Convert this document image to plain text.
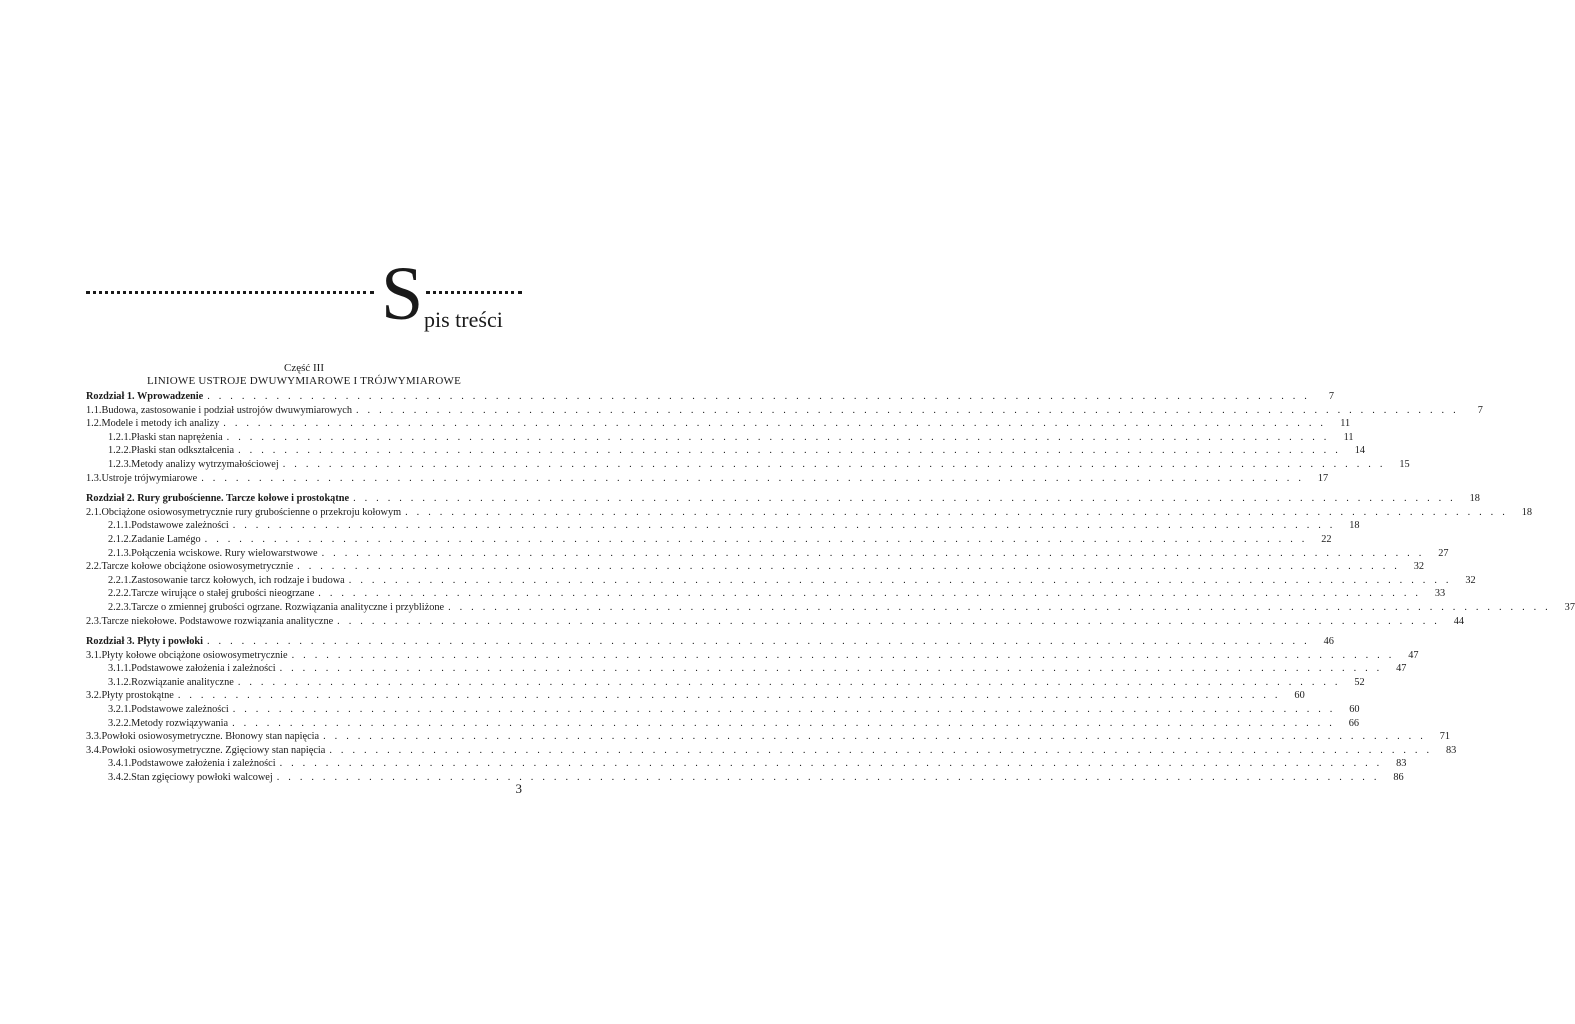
S pis treści
Część III
LINIOWE USTROJE DWUWYMIAROWE I TRÓJWYMIAROWE
Rozdział 1. Wprowadzenie . . .	7
1.1. Budowa, zastosowanie i podział ustrojów dwuwymiarowych . . .	7
1.2. Modele i metody ich analizy . . .	11
1.2.1. Płaski stan naprężenia . . .	11
1.2.2. Płaski stan odkształcenia . . .	14
1.2.3. Metody analizy wytrzymałościowej . . .	15
1.3. Ustroje trójwymiarowe . . .	17
Rozdział 2. Rury grubościenne. Tarcze kołowe i prostokątne . . .	18
2.1. Obciążone osiowosymetrycznie rury grubościenne o przekroju kołowym . . .	18
2.1.1. Podstawowe zależności . . .	18
2.1.2. Zadanie Lamégo . . .	22
2.1.3. Połączenia wciskowe. Rury wielowarstwowe . . .	27
2.2. Tarcze kołowe obciążone osiowosymetrycznie . . .	32
2.2.1. Zastosowanie tarcz kołowych, ich rodzaje i budowa . . .	32
2.2.2. Tarcze wirujące o stałej grubości nieogrzane . . .	33
2.2.3. Tarcze o zmiennej grubości ogrzane. Rozwiązania analityczne i przybliżone . . .	37
2.3. Tarcze niekołowe. Podstawowe rozwiązania analityczne . . .	44
Rozdział 3. Płyty i powłoki . . .	46
3.1. Płyty kołowe obciążone osiowosymetrycznie . . .	47
3.1.1. Podstawowe założenia i zależności . . .	47
3.1.2. Rozwiązanie analityczne . . .	52
3.2. Płyty prostokątne . . .	60
3.2.1. Podstawowe zależności . . .	60
3.2.2. Metody rozwiązywania . . .	66
3.3. Powłoki osiowosymetryczne. Błonowy stan napięcia . . .	71
3.4. Powłoki osiowosymetryczne. Zgięciowy stan napięcia . . .	83
3.4.1. Podstawowe założenia i zależności . . .	83
3.4.2. Stan zgięciowy powłoki walcowej . . .	86
3
